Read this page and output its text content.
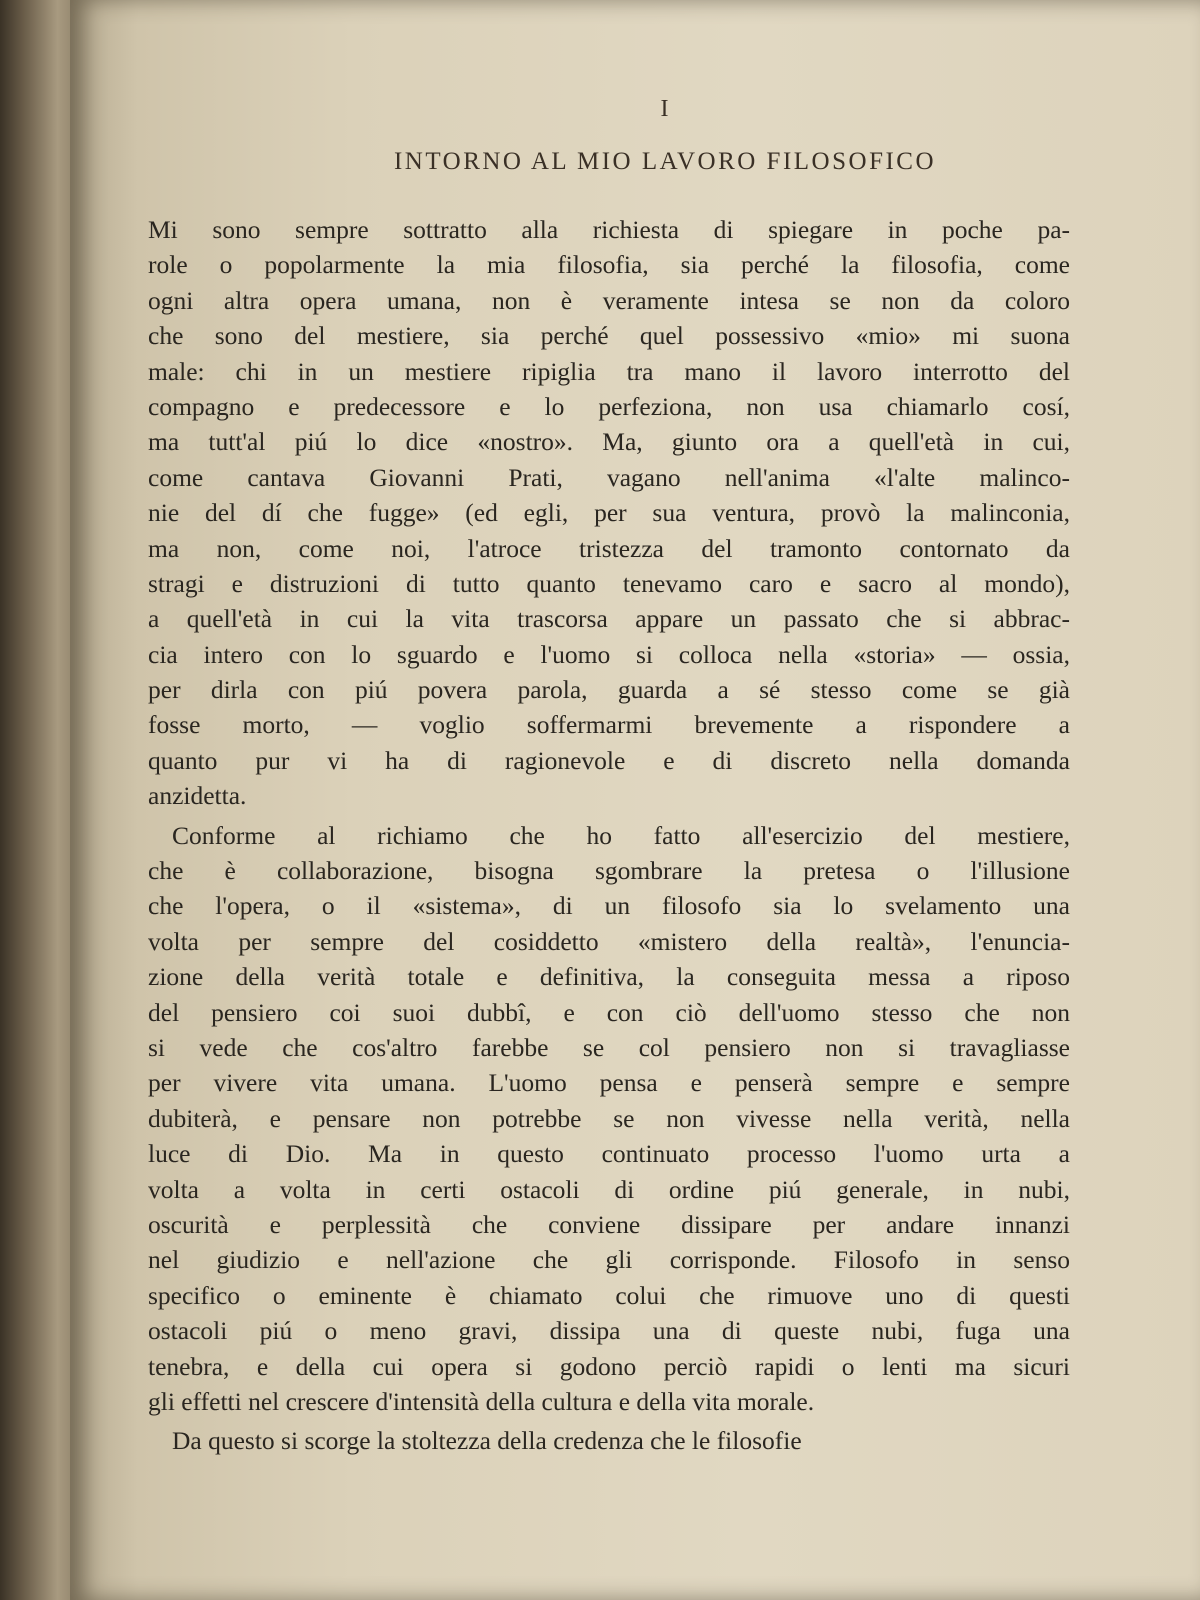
I
INTORNO AL MIO LAVORO FILOSOFICO
Mi sono sempre sottratto alla richiesta di spiegare in poche pa-
role o popolarmente la mia filosofia, sia perché la filosofia, come
ogni altra opera umana, non è veramente intesa se non da coloro
che sono del mestiere, sia perché quel possessivo «mio» mi suona
male: chi in un mestiere ripiglia tra mano il lavoro interrotto del
compagno e predecessore e lo perfeziona, non usa chiamarlo cosí,
ma tutt'al piú lo dice «nostro». Ma, giunto ora a quell'età in cui,
come cantava Giovanni Prati, vagano nell'anima «l'alte malinco-
nie del dí che fugge» (ed egli, per sua ventura, provò la malinconia,
ma non, come noi, l'atroce tristezza del tramonto contornato da
stragi e distruzioni di tutto quanto tenevamo caro e sacro al mondo),
a quell'età in cui la vita trascorsa appare un passato che si abbrac-
cia intero con lo sguardo e l'uomo si colloca nella «storia» — ossia,
per dirla con piú povera parola, guarda a sé stesso come se già
fosse morto, — voglio soffermarmi brevemente a rispondere a
quanto pur vi ha di ragionevole e di discreto nella domanda
anzidetta.
Conforme al richiamo che ho fatto all'esercizio del mestiere,
che è collaborazione, bisogna sgombrare la pretesa o l'illusione
che l'opera, o il «sistema», di un filosofo sia lo svelamento una
volta per sempre del cosiddetto «mistero della realtà», l'enuncia-
zione della verità totale e definitiva, la conseguita messa a riposo
del pensiero coi suoi dubbî, e con ciò dell'uomo stesso che non
si vede che cos'altro farebbe se col pensiero non si travagliasse
per vivere vita umana. L'uomo pensa e penserà sempre e sempre
dubiterà, e pensare non potrebbe se non vivesse nella verità, nella
luce di Dio. Ma in questo continuato processo l'uomo urta a
volta a volta in certi ostacoli di ordine piú generale, in nubi,
oscurità e perplessità che conviene dissipare per andare innanzi
nel giudizio e nell'azione che gli corrisponde. Filosofo in senso
specifico o eminente è chiamato colui che rimuove uno di questi
ostacoli piú o meno gravi, dissipa una di queste nubi, fuga una
tenebra, e della cui opera si godono perciò rapidi o lenti ma sicuri
gli effetti nel crescere d'intensità della cultura e della vita morale.
Da questo si scorge la stoltezza della credenza che le filosofie
